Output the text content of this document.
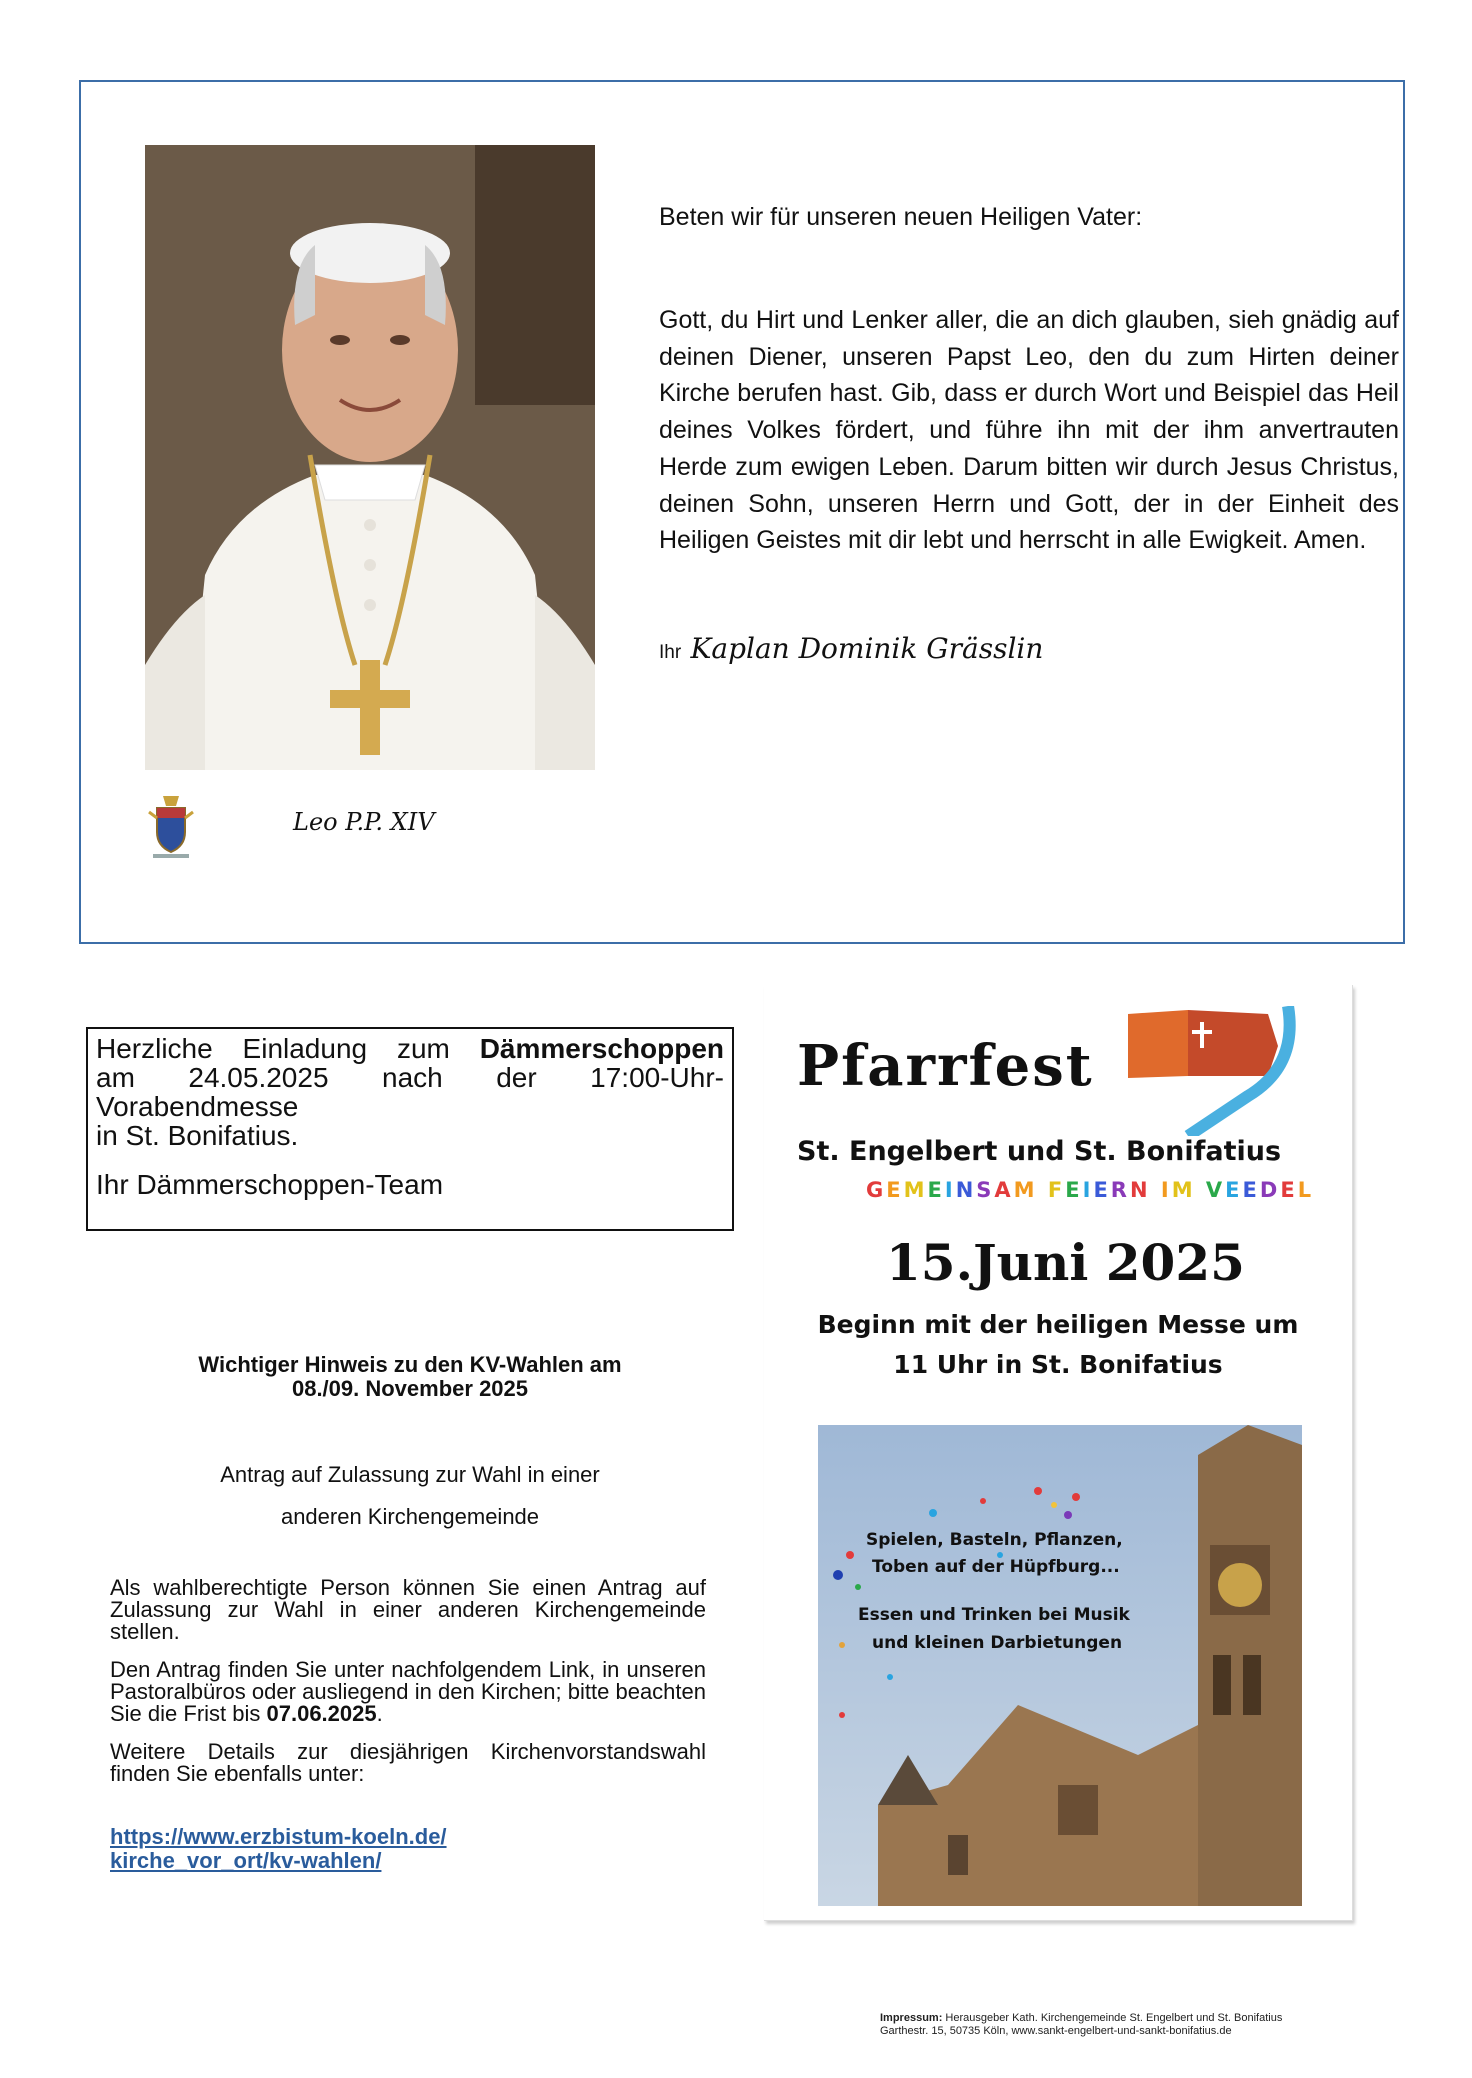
Leo P.P. XIV
Beten wir für unseren neuen Heiligen Vater:
Gott, du Hirt und Lenker aller, die an dich glauben, sieh gnädig auf deinen Diener, unseren Papst Leo, den du zum Hirten deiner Kirche berufen hast. Gib, dass er durch Wort und Beispiel das Heil deines Volkes fördert, und führe ihn mit der ihm anvertrauten Herde zum ewigen Leben. Darum bitten wir durch Jesus Christus, deinen Sohn, unseren Herrn und Gott, der in der Einheit des Heiligen Geistes mit dir lebt und herrscht in alle Ewigkeit. Amen.
Ihr Kaplan Dominik Grässlin
Herzliche Einladung zum Dämmerschoppen
am 24.05.2025 nach der 17:00-Uhr-
Vorabendmesse
in St. Bonifatius.
Ihr Dämmerschoppen-Team
Wichtiger Hinweis zu den KV-Wahlen am
08./09. November 2025
Antrag auf Zulassung zur Wahl in einer
anderen Kirchengemeinde

Als wahlberechtigte Person können Sie einen Antrag auf Zulassung zur Wahl in einer anderen Kirchengemeinde stellen.

Den Antrag finden Sie unter nachfolgendem Link, in unseren Pastoralbüros oder ausliegend in den Kirchen; bitte beachten Sie die Frist bis 07.06.2025.

Weitere Details zur diesjährigen Kirchenvorstandswahl finden Sie ebenfalls unter:

https://www.erzbistum-koeln.de/
kirche_vor_ort/kv-wahlen/
Pfarrfest
St. Engelbert und St. Bonifatius
GEMEINSAM FEIERN IM VEEDEL
15.Juni 2025
Beginn mit der heiligen Messe um
11 Uhr in St. Bonifatius
Spielen, Basteln, Pflanzen,
Toben auf der Hüpfburg...
Essen und Trinken bei Musik
und kleinen Darbietungen
Impressum: Herausgeber Kath. Kirchengemeinde St. Engelbert und St. Bonifatius
Garthestr. 15, 50735 Köln, www.sankt-engelbert-und-sankt-bonifatius.de
